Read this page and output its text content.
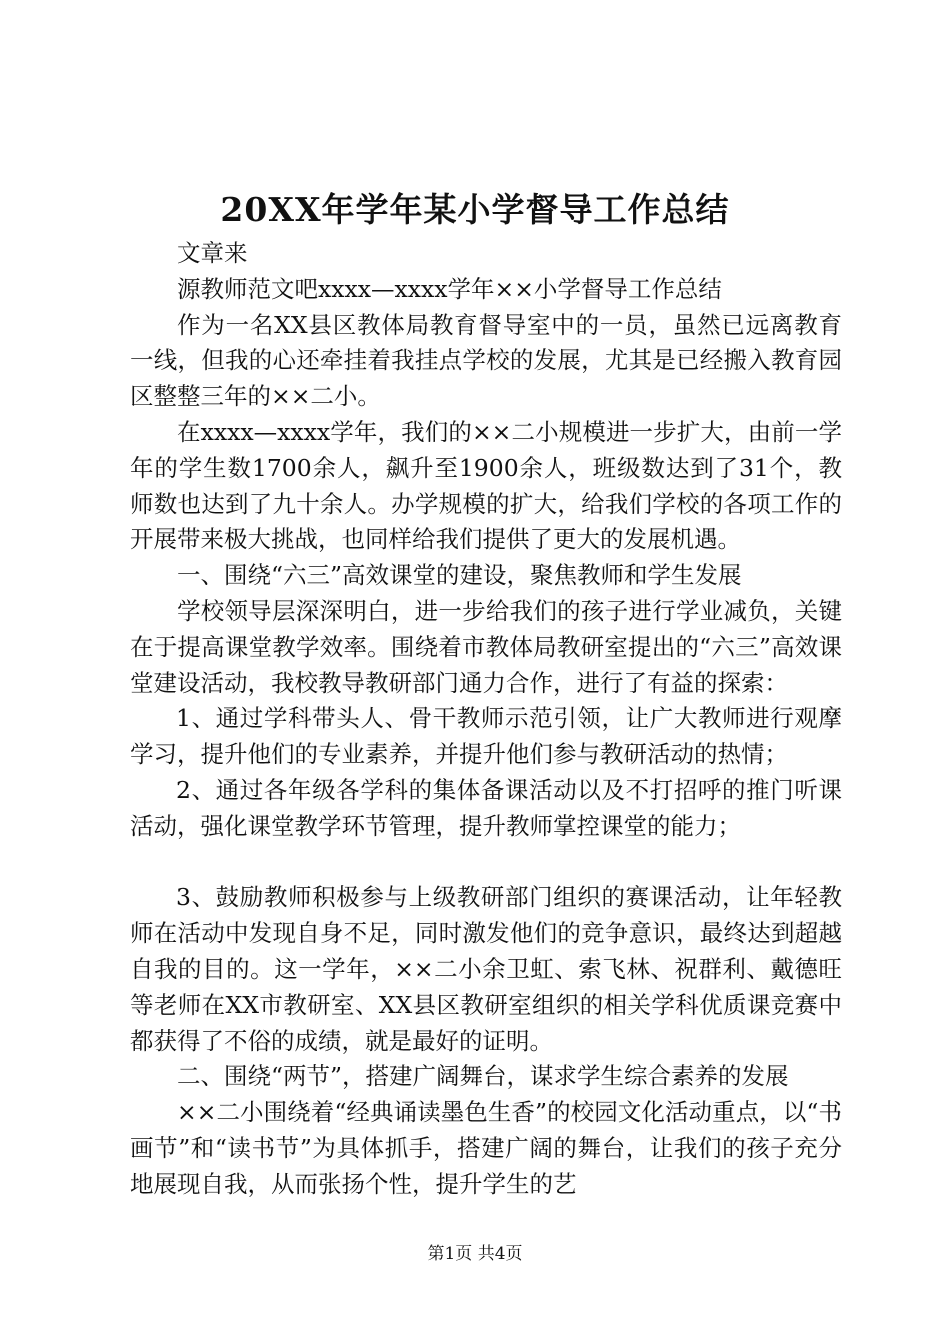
20XX年学年某小学督导工作总结

文章来

源教师范文吧xxxx—xxxx学年××小学督导工作总结

作为一名XX县区教体局教育督导室中的一员，虽然已远离教育一线，但我的心还牵挂着我挂点学校的发展，尤其是已经搬入教育园区整整三年的××二小。

在xxxx—xxxx学年，我们的××二小规模进一步扩大，由前一学年的学生数1700余人，飙升至1900余人，班级数达到了31个，教师数也达到了九十余人。办学规模的扩大，给我们学校的各项工作的开展带来极大挑战，也同样给我们提供了更大的发展机遇。

一、围绕“六三”高效课堂的建设，聚焦教师和学生发展

学校领导层深深明白，进一步给我们的孩子进行学业减负，关键在于提高课堂教学效率。围绕着市教体局教研室提出的“六三”高效课堂建设活动，我校教导教研部门通力合作，进行了有益的探索：

1、通过学科带头人、骨干教师示范引领，让广大教师进行观摩学习，提升他们的专业素养，并提升他们参与教研活动的热情；

2、通过各年级各学科的集体备课活动以及不打招呼的推门听课活动，强化课堂教学环节管理，提升教师掌控课堂的能力；

3、鼓励教师积极参与上级教研部门组织的赛课活动，让年轻教师在活动中发现自身不足，同时激发他们的竞争意识，最终达到超越自我的目的。这一学年，××二小余卫虹、索飞林、祝群利、戴德旺等老师在XX市教研室、XX县区教研室组织的相关学科优质课竞赛中都获得了不俗的成绩，就是最好的证明。

二、围绕“两节”，搭建广阔舞台，谋求学生综合素养的发展

××二小围绕着“经典诵读墨色生香”的校园文化活动重点，以“书画节”和“读书节”为具体抓手，搭建广阔的舞台，让我们的孩子充分地展现自我，从而张扬个性，提升学生的艺

第1页 共4页
